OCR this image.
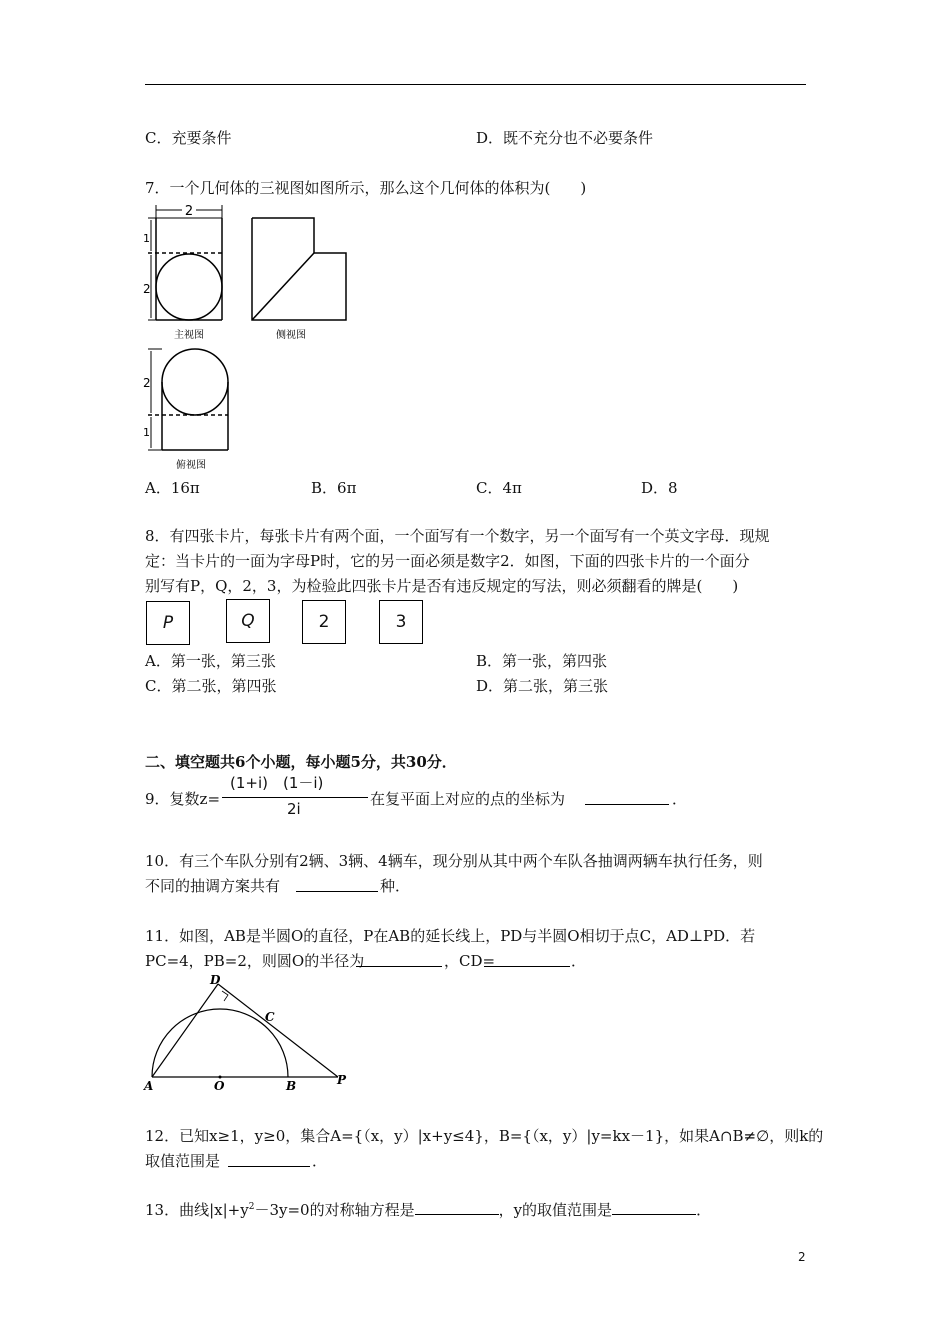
C．充要条件	D．既不充分也不必要条件
7．一个几何体的三视图如图所示，那么这个几何体的体积为(　　)
2
1
2
主视图	侧视图
2
1
俯视图
A．16π	B．6π	C．4π	D．8
8．有四张卡片，每张卡片有两个面，一个面写有一个数字，另一个面写有一个英文字母．现规
定：当卡片的一面为字母P时，它的另一面必须是数字2．如图，下面的四张卡片的一个面分
别写有P，Q，2，3，为检验此四张卡片是否有违反规定的写法，则必须翻看的牌是(　　)
P	Q	2	3
A．第一张，第三张	B．第一张，第四张
C．第二张，第四张	D．第二张，第三张
二、填空题共6个小题，每小题5分，共30分．
9．复数z=
(1+i)　(1－i)
2i
在复平面上对应的点的坐标为	．
10．有三个车队分别有2辆、3辆、4辆车，现分别从其中两个车队各抽调两辆车执行任务，则
不同的抽调方案共有	种．
11．如图，AB是半圆O的直径，P在AB的延长线上，PD与半圆O相切于点C，AD⊥PD．若
PC=4，PB=2，则圆O的半径为	，CD=	．
A	O	B	P
C
D
12．已知x≥1，y≥0，集合A={（x，y）|x+y≤4}，B={（x，y）|y=kx－1}，如果A∩B≠∅，则k的
取值范围是	．
13．曲线$|x|+y^2-3y=0$的对称轴方程是	，y的取值范围是	．
2
